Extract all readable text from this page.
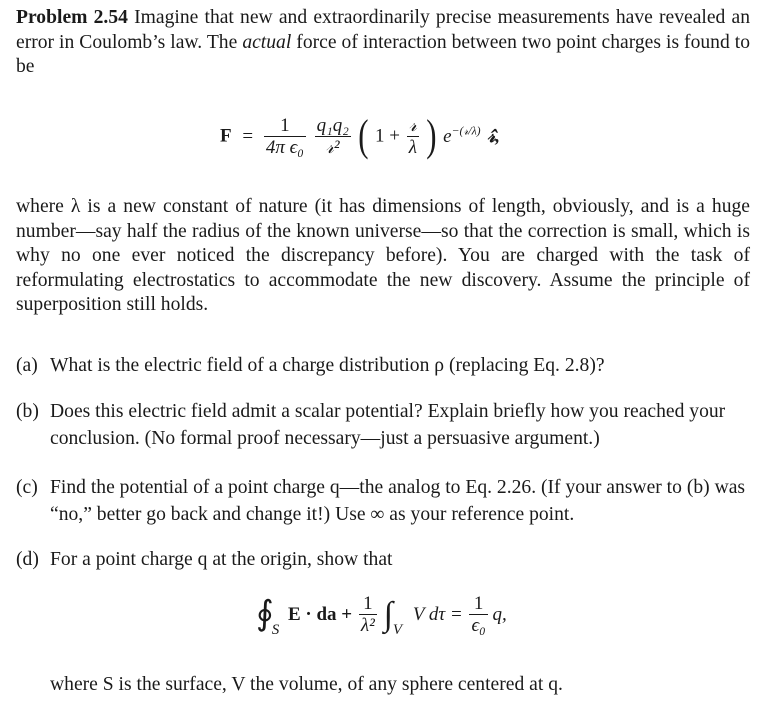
Problem 2.54 Imagine that new and extraordinarily precise measurements have revealed an error in Coulomb’s law. The actual force of interaction between two point charges is found to be

$F = \frac{1}{\text{4π ϵ₀}}$
$\frac{\text{q₁q₂}}{\text{𝓇²}}$ ( $1 + \frac{\text{𝓇}}{\lambda}$ ) $e^{-(𝓇/\lambda)}$ 𝓇̂,

where λ is a new constant of nature (it has dimensions of length, obviously, and is a huge number—say half the radius of the known universe—so that the correction is small, which is why no one ever noticed the discrepancy before). You are charged with the task of reformulating electrostatics to accommodate the new discovery. Assume the principle of superposition still holds.

(a) What is the electric field of a charge distribution ρ (replacing Eq. 2.8)?
(b) Does this electric field admit a scalar potential? Explain briefly how you reached your conclusion. (No formal proof necessary—just a persuasive argument.)
(c) Find the potential of a point charge q—the analog to Eq. 2.26. (If your answer to (b) was “no,” better go back and change it!) Use ∞ as your reference point.
(d) For a point charge q at the origin, show that
$∮_S$ E · da + $\frac{1}{\text{λ²}} \int_V$ V $d\tau = \frac{1}{\text{ϵ₀}} q$,
where S is the surface, V the volume, of any sphere centered at q.
